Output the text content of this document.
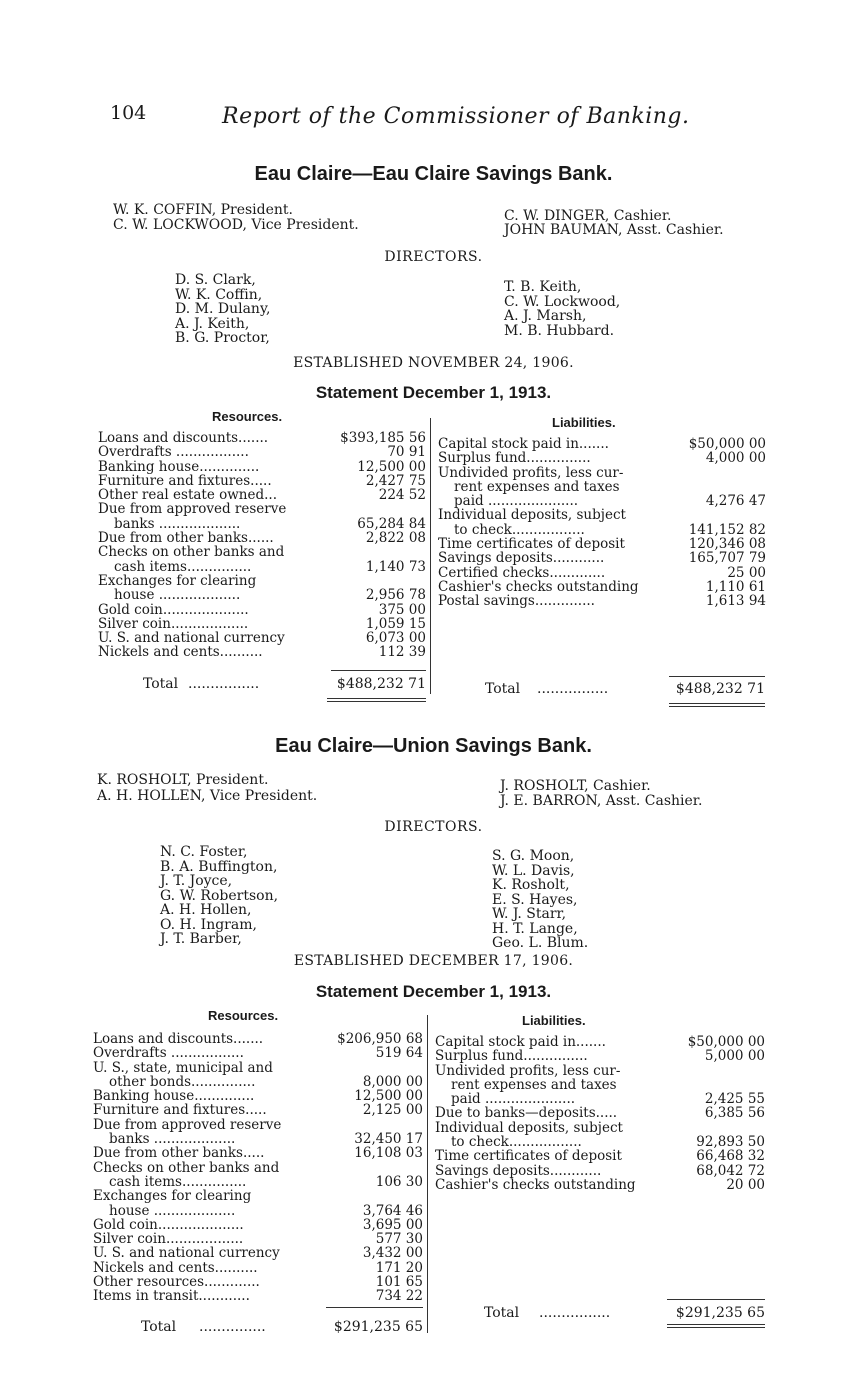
104	Report of the Commissioner of Banking.
Eau Claire—Eau Claire Savings Bank.
W. K. COFFIN, President.
C. W. LOCKWOOD, Vice President.
C. W. DINGER, Cashier.
JOHN BAUMAN, Asst. Cashier.
DIRECTORS.
D. S. Clark,
W. K. Coffin,
D. M. Dulany,
A. J. Keith,
B. G. Proctor,
T. B. Keith,
C. W. Lockwood,
A. J. Marsh,
M. B. Hubbard.
ESTABLISHED NOVEMBER 24, 1906.
Statement December 1, 1913.
Resources.	Liabilities.
Loans and discounts.......	$393,185 56
Overdrafts .................	70 91
Banking house..............	12,500 00
Furniture and fixtures.....	2,427 75
Other real estate owned...	224 52
Due from approved reserve
banks ...................	65,284 84
Due from other banks......	2,822 08
Checks on other banks and
cash items...............	1,140 73
Exchanges for clearing
house ...................	2,956 78
Gold coin....................	375 00
Silver coin..................	1,059 15
U. S. and national currency	6,073 00
Nickels and cents..........	112 39
Capital stock paid in.......	$50,000 00
Surplus fund...............	4,000 00
Undivided profits, less cur-
rent expenses and taxes
paid .....................	4,276 47
Individual deposits, subject
to check.................	141,152 82
Time certificates of deposit	120,346 08
Savings deposits............	165,707 79
Certified checks.............	25 00
Cashier's checks outstanding	1,110 61
Postal savings..............	1,613 94
Total ................	$488,232 71	Total ................	$488,232 71
Eau Claire—Union Savings Bank.
K. ROSHOLT, President.
A. H. HOLLEN, Vice President.
J. ROSHOLT, Cashier.
J. E. BARRON, Asst. Cashier.
DIRECTORS.
N. C. Foster,
B. A. Buffington,
J. T. Joyce,
G. W. Robertson,
A. H. Hollen,
O. H. Ingram,
J. T. Barber,
S. G. Moon,
W. L. Davis,
K. Rosholt,
E. S. Hayes,
W. J. Starr,
H. T. Lange,
Geo. L. Blum.
ESTABLISHED DECEMBER 17, 1906.
Statement December 1, 1913.
Resources.	Liabilities.
Loans and discounts.......	$206,950 68
Overdrafts .................	519 64
U. S., state, municipal and
other bonds...............	8,000 00
Banking house..............	12,500 00
Furniture and fixtures.....	2,125 00
Due from approved reserve
banks ...................	32,450 17
Due from other banks.....	16,108 03
Checks on other banks and
cash items...............	106 30
Exchanges for clearing
house ...................	3,764 46
Gold coin....................	3,695 00
Silver coin..................	577 30
U. S. and national currency	3,432 00
Nickels and cents..........	171 20
Other resources.............	101 65
Items in transit............	734 22
Capital stock paid in.......	$50,000 00
Surplus fund...............	5,000 00
Undivided profits, less cur-
rent expenses and taxes
paid .....................	2,425 55
Due to banks—deposits.....	6,385 56
Individual deposits, subject
to check.................	92,893 50
Time certificates of deposit	66,468 32
Savings deposits............	68,042 72
Cashier's checks outstanding	20 00
Total ...............	$291,235 65
Total ................	$291,235 65
